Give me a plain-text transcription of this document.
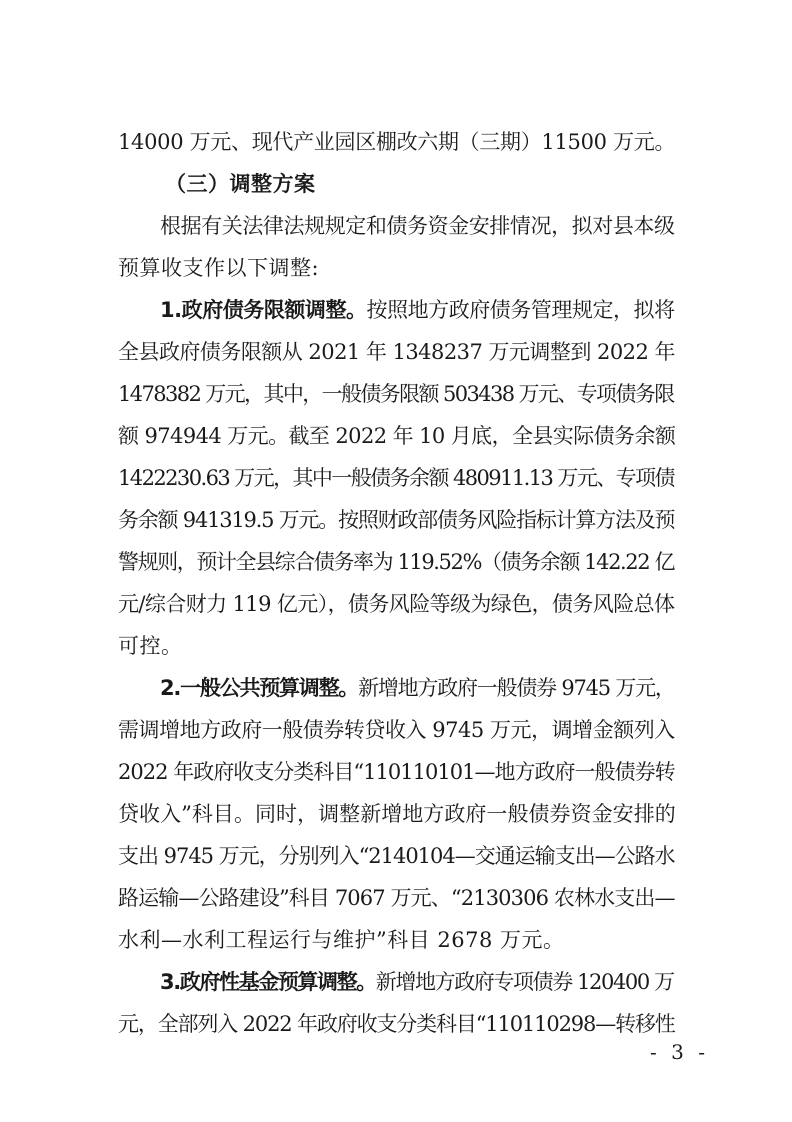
14000 万元、现代产业园区棚改六期（三期）11500 万元。
（三）调整方案
根据有关法律法规规定和债务资金安排情况，拟对县本级
预算收支作以下调整:
1.政府债务限额调整。按照地方政府债务管理规定，拟将
全县政府债务限额从 2021 年 1348237 万元调整到 2022 年
1478382 万元，其中，一般债务限额 503438 万元、专项债务限
额 974944 万元。截至 2022 年 10 月底，全县实际债务余额
1422230.63 万元，其中一般债务余额 480911.13 万元、专项债
务余额 941319.5 万元。按照财政部债务风险指标计算方法及预
警规则，预计全县综合债务率为 119.52%（债务余额 142.22 亿
元/综合财力 119 亿元），债务风险等级为绿色，债务风险总体
可控。
2.一般公共预算调整。新增地方政府一般债券 9745 万元，
需调增地方政府一般债券转贷收入 9745 万元，调增金额列入
2022 年政府收支分类科目“110110101—地方政府一般债券转
贷收入”科目。同时，调整新增地方政府一般债券资金安排的
支出 9745 万元，分别列入“2140104—交通运输支出—公路水
路运输—公路建设”科目 7067 万元、“2130306 农林水支出—
水利—水利工程运行与维护”科目 2678 万元。
3.政府性基金预算调整。新增地方政府专项债券 120400 万
元，全部列入 2022 年政府收支分类科目“110110298—转移性
- 3 -
